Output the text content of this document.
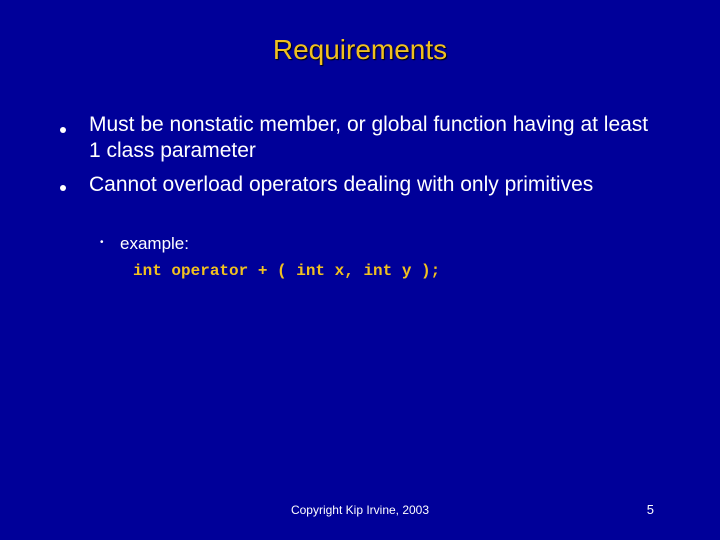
Requirements
Must be nonstatic member, or global function having at least 1 class parameter
Cannot overload operators dealing with only primitives
• example:
int operator + ( int x, int y );
Copyright Kip Irvine, 2003	5
